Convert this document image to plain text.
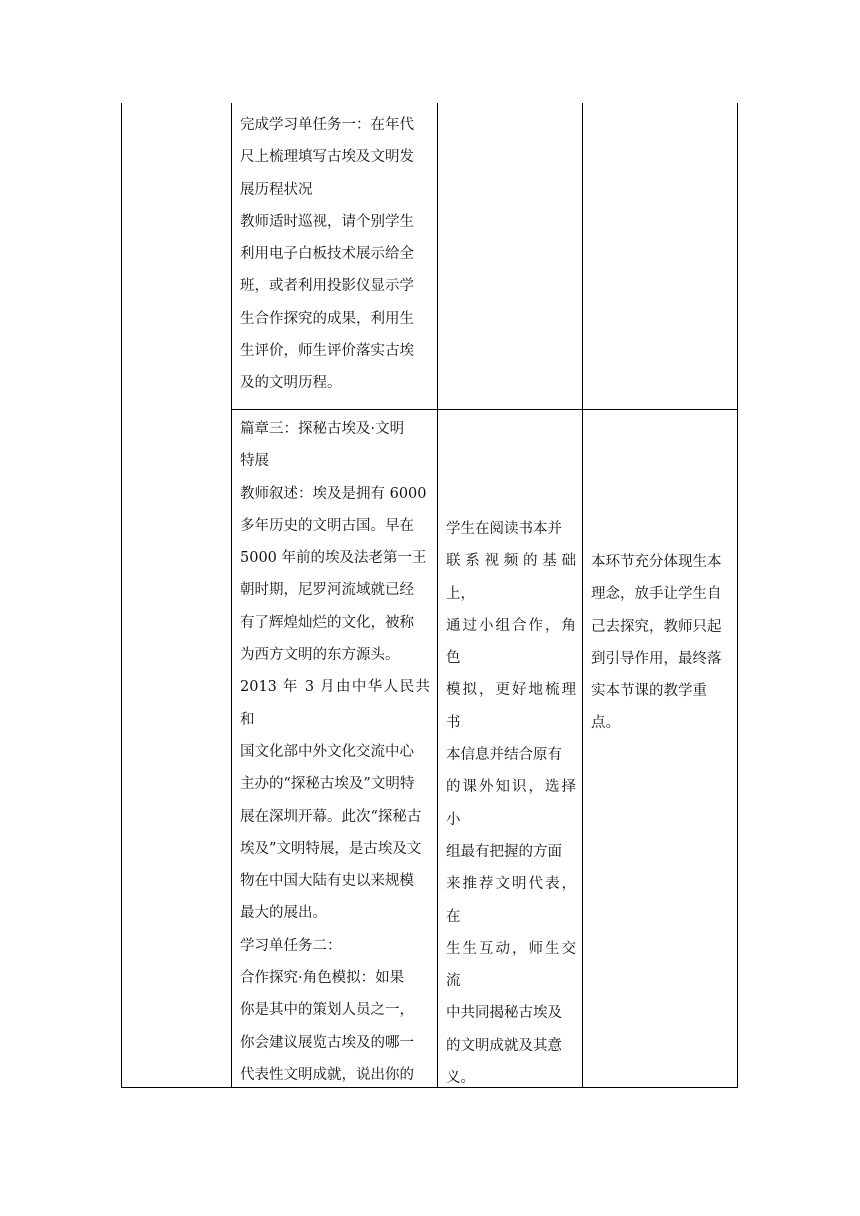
完成学习单任务一：在年代

尺上梳理填写古埃及文明发

展历程状况

教师适时巡视，请个别学生

利用电子白板技术展示给全

班，或者利用投影仪显示学

生合作探究的成果，利用生

生评价，师生评价落实古埃

及的文明历程。

篇章三：探秘古埃及·文明

特展

教师叙述：埃及是拥有 6000

多年历史的文明古国。早在

5000 年前的埃及法老第一王

朝时期，尼罗河流域就已经

有了辉煌灿烂的文化，被称

为西方文明的东方源头。

2013 年 3 月由中华人民共和

国文化部中外文化交流中心

主办的“探秘古埃及”文明特

展在深圳开幕。此次“探秘古

埃及”文明特展，是古埃及文

物在中国大陆有史以来规模

最大的展出。

学习单任务二：

合作探究·角色模拟：如果

你是其中的策划人员之一，

你会建议展览古埃及的哪一

代表性文明成就，说出你的

学生在阅读书本并

联系视频的基础上，

通过小组合作，角色

模拟，更好地梳理书

本信息并结合原有

的课外知识，选择小

组最有把握的方面

来推荐文明代表，在

生生互动，师生交流

中共同揭秘古埃及

的文明成就及其意

义。

本环节充分体现生本

理念，放手让学生自

己去探究，教师只起

到引导作用，最终落

实本节课的教学重

点。
